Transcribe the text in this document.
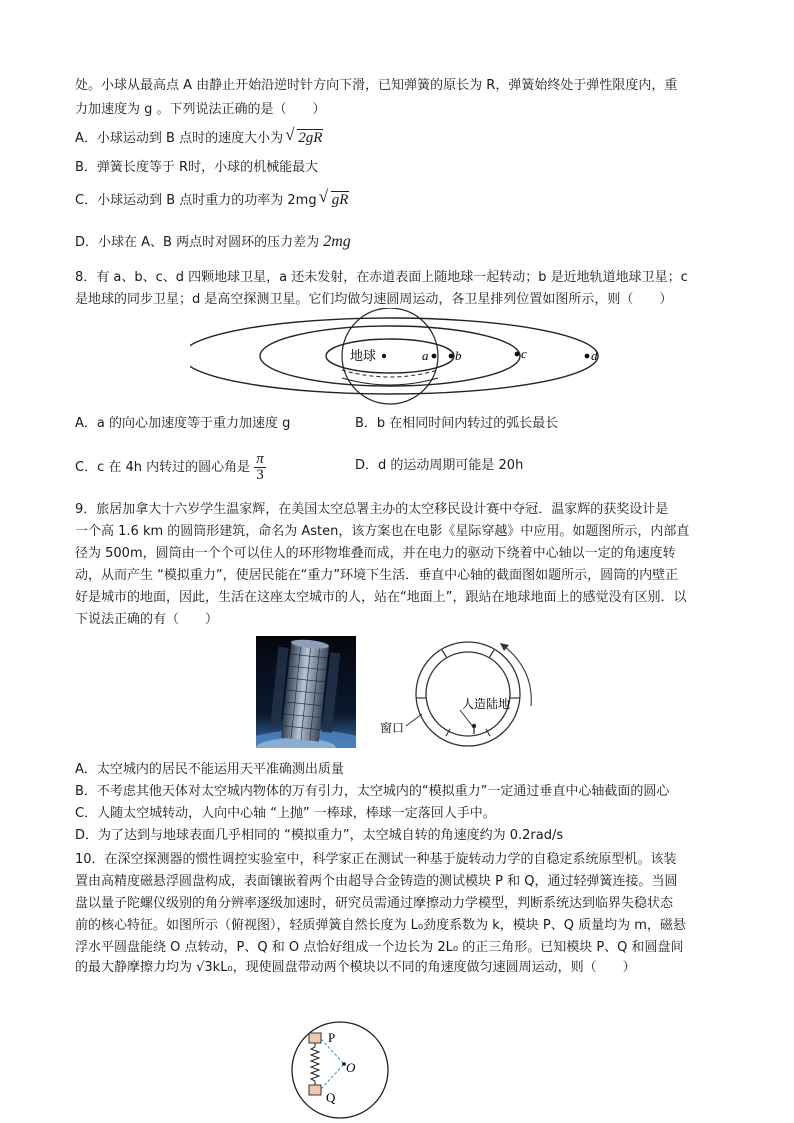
处。小球从最高点 A 由静止开始沿逆时针方向下滑，已知弹簧的原长为 R，弹簧始终处于弹性限度内，重
力加速度为 g 。下列说法正确的是（　　）
A．小球运动到 B 点时的速度大小为 √ 2gR
B．弹簧长度等于 R时，小球的机械能最大
C．小球运动到 B 点时重力的功率为 2mg √ gR
D．小球在 A、B 两点时对圆环的压力差为 2mg
8．有 a、b、c、d 四颗地球卫星，a 还未发射，在赤道表面上随地球一起转动；b 是近地轨道地球卫星；c
是地球的同步卫星；d 是高空探测卫星。它们均做匀速圆周运动，各卫星排列位置如图所示，则（　　）
地球	a b	c	d
A．a 的向心加速度等于重力加速度 g	B．b 在相同时间内转过的弧长最长
C．c 在 4h 内转过的圆心角是 $\frac{\pi}{3}$	D．d 的运动周期可能是 20h
9．旅居加拿大十六岁学生温家辉，在美国太空总署主办的太空移民设计赛中夺冠．温家辉的获奖设计是
一个高 1.6 km 的圆筒形建筑，命名为 Asten，该方案也在电影《星际穿越》中应用。如题图所示，内部直
径为 500m，圆筒由一个个可以住人的环形物堆叠而成，并在电力的驱动下绕着中心轴以一定的角速度转
动，从而产生 “模拟重力”，使居民能在“重力”环境下生活．垂直中心轴的截面图如题所示，圆筒的内壁正
好是城市的地面，因此，生活在这座太空城市的人，站在“地面上”，跟站在地球地面上的感觉没有区别．以
下说法正确的有（　　）
人造陆地
窗口
A．太空城内的居民不能运用天平准确测出质量
B．不考虑其他天体对太空城内物体的万有引力，太空城内的“模拟重力”一定通过垂直中心轴截面的圆心
C．人随太空城转动，人向中心轴 “上抛” 一棒球，棒球一定落回人手中。
D．为了达到与地球表面几乎相同的 “模拟重力”，太空城自转的角速度约为 0.2rad/s
10．在深空探测器的惯性调控实验室中，科学家正在测试一种基于旋转动力学的自稳定系统原型机。该装
置由高精度磁悬浮圆盘构成，表面镶嵌着两个由超导合金铸造的测试模块 P 和 Q，通过轻弹簧连接。当圆
盘以量子陀螺仪级别的角分辨率逐级加速时，研究员需通过摩擦动力学模型，判断系统达到临界失稳状态
前的核心特征。如图所示（俯视图），轻质弹簧自然长度为 L₀劲度系数为 k，模块 P、Q 质量均为 m，磁悬
浮水平圆盘能绕 O 点转动，P、Q 和 O 点恰好组成一个边长为 2L₀ 的正三角形。已知模块 P、Q 和圆盘间
的最大静摩擦力均为 √3kL₀，现使圆盘带动两个模块以不同的角速度做匀速圆周运动，则（　　）
P
O
Q
